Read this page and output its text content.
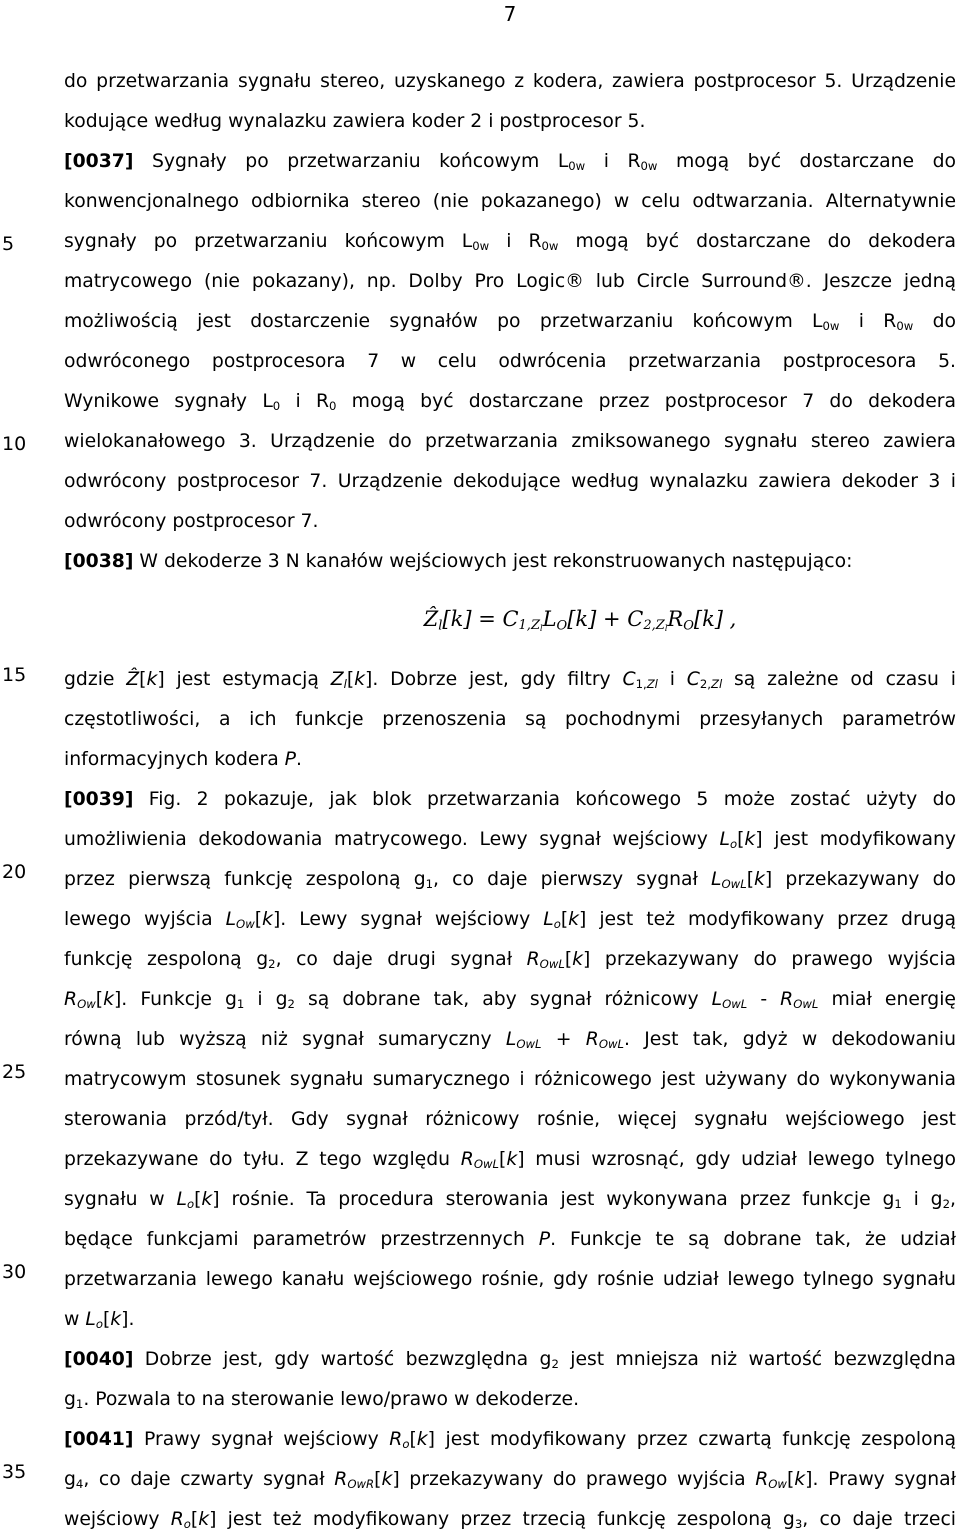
7
5
10
15
20
25
30
35
do przetwarzania sygnału stereo, uzyskanego z kodera, zawiera postprocesor 5. Urządzenie
kodujące według wynalazku zawiera koder 2 i postprocesor 5.
[0037] Sygnały po przetwarzaniu końcowym $L_{0w}$ i $R_{0w}$ mogą być dostarczane do
konwencjonalnego odbiornika stereo (nie pokazanego) w celu odtwarzania. Alternatywnie
sygnały po przetwarzaniu końcowym $L_{0w}$ i $R_{0w}$ mogą być dostarczane do dekodera
matrycowego (nie pokazany), np. Dolby Pro Logic® lub Circle Surround®. Jeszcze jedną
możliwością jest dostarczenie sygnałów po przetwarzaniu końcowym $L_{0w}$ i $R_{0w}$ do
odwróconego postprocesora 7 w celu odwrócenia przetwarzania postprocesora 5.
Wynikowe sygnały $L_0$ i $R_0$ mogą być dostarczane przez postprocesor 7 do dekodera
wielokanałowego 3. Urządzenie do przetwarzania zmiksowanego sygnału stereo zawiera
odwrócony postprocesor 7. Urządzenie dekodujące według wynalazku zawiera dekoder 3 i
odwrócony postprocesor 7.
[0038] W dekoderze 3 N kanałów wejściowych jest rekonstruowanych następująco:
Ẑ$_l$[k] = $C_{1,Z_l}L_O[k] + C_{2,Z_l}R_O[k]$ ,
gdzie Ẑ[k] jest estymacją $Z_l[k]$. Dobrze jest, gdy filtry $C_{1,Zl}$ i $C_{2,Zl}$ są zależne od czasu i
częstotliwości, a ich funkcje przenoszenia są pochodnymi przesyłanych parametrów
informacyjnych kodera P.
[0039] Fig. 2 pokazuje, jak blok przetwarzania końcowego 5 może zostać użyty do
umożliwienia dekodowania matrycowego. Lewy sygnał wejściowy $L_o[k]$ jest modyfikowany
przez pierwszą funkcję zespoloną $g_1$, co daje pierwszy sygnał $L_{OwL}[k]$ przekazywany do
lewego wyjścia $L_{Ow}[k]$. Lewy sygnał wejściowy $L_o[k]$ jest też modyfikowany przez drugą
funkcję zespoloną $g_2$, co daje drugi sygnał $R_{OwL}[k]$ przekazywany do prawego wyjścia
$R_{Ow}[k]$. Funkcje $g_1$ i $g_2$ są dobrane tak, aby sygnał różnicowy $L_{OwL} - R_{OwL}$ miał energię
równą lub wyższą niż sygnał sumaryczny $L_{OwL} + R_{OwL}$. Jest tak, gdyż w dekodowaniu
matrycowym stosunek sygnału sumarycznego i różnicowego jest używany do wykonywania
sterowania przód/tył. Gdy sygnał różnicowy rośnie, więcej sygnału wejściowego jest
przekazywane do tyłu. Z tego względu $R_{OwL}[k]$ musi wzrosnąć, gdy udział lewego tylnego
sygnału w $L_o[k]$ rośnie. Ta procedura sterowania jest wykonywana przez funkcje $g_1$ i $g_2$,
będące funkcjami parametrów przestrzennych P. Funkcje te są dobrane tak, że udział
przetwarzania lewego kanału wejściowego rośnie, gdy rośnie udział lewego tylnego sygnału
w $L_o[k]$.
[0040] Dobrze jest, gdy wartość bezwzględna $g_2$ jest mniejsza niż wartość bezwzględna
$g_1$. Pozwala to na sterowanie lewo/prawo w dekoderze.
[0041] Prawy sygnał wejściowy $R_o[k]$ jest modyfikowany przez czwartą funkcję zespoloną
$g_4$, co daje czwarty sygnał $R_{OwR}[k]$ przekazywany do prawego wyjścia $R_{Ow}[k]$. Prawy sygnał
wejściowy $R_o[k]$ jest też modyfikowany przez trzecią funkcję zespoloną $g_3$, co daje trzeci
